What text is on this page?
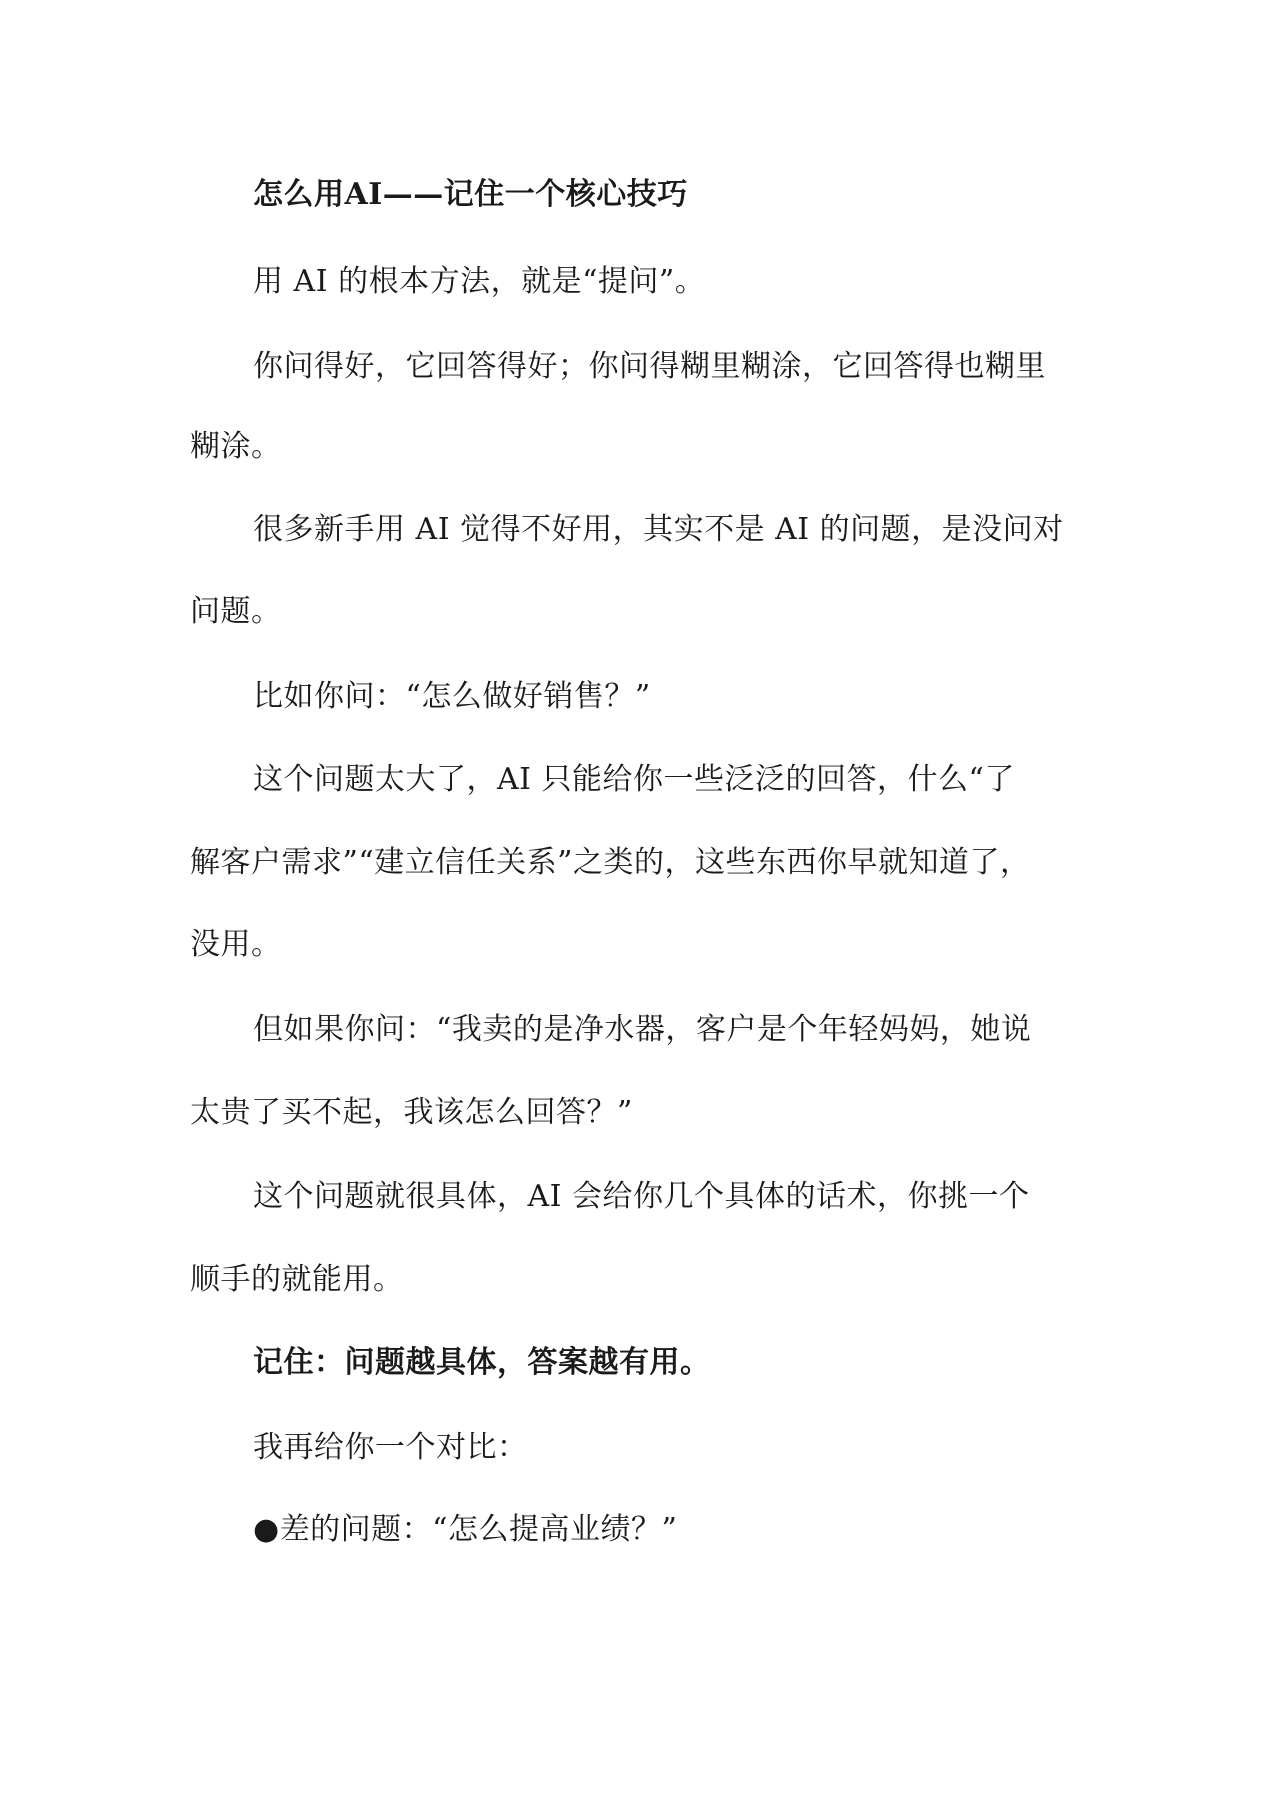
怎么用AI——记住一个核心技巧
用 AI 的根本方法，就是“提问”。
你问得好，它回答得好；你问得糊里糊涂，它回答得也糊里
糊涂。
很多新手用 AI 觉得不好用，其实不是 AI 的问题，是没问对
问题。
比如你问：“怎么做好销售？”
这个问题太大了，AI 只能给你一些泛泛的回答，什么“了
解客户需求”“建立信任关系”之类的，这些东西你早就知道了，
没用。
但如果你问：“我卖的是净水器，客户是个年轻妈妈，她说
太贵了买不起，我该怎么回答？”
这个问题就很具体，AI 会给你几个具体的话术，你挑一个
顺手的就能用。
记住：问题越具体，答案越有用。
我再给你一个对比：
●差的问题：“怎么提高业绩？”
